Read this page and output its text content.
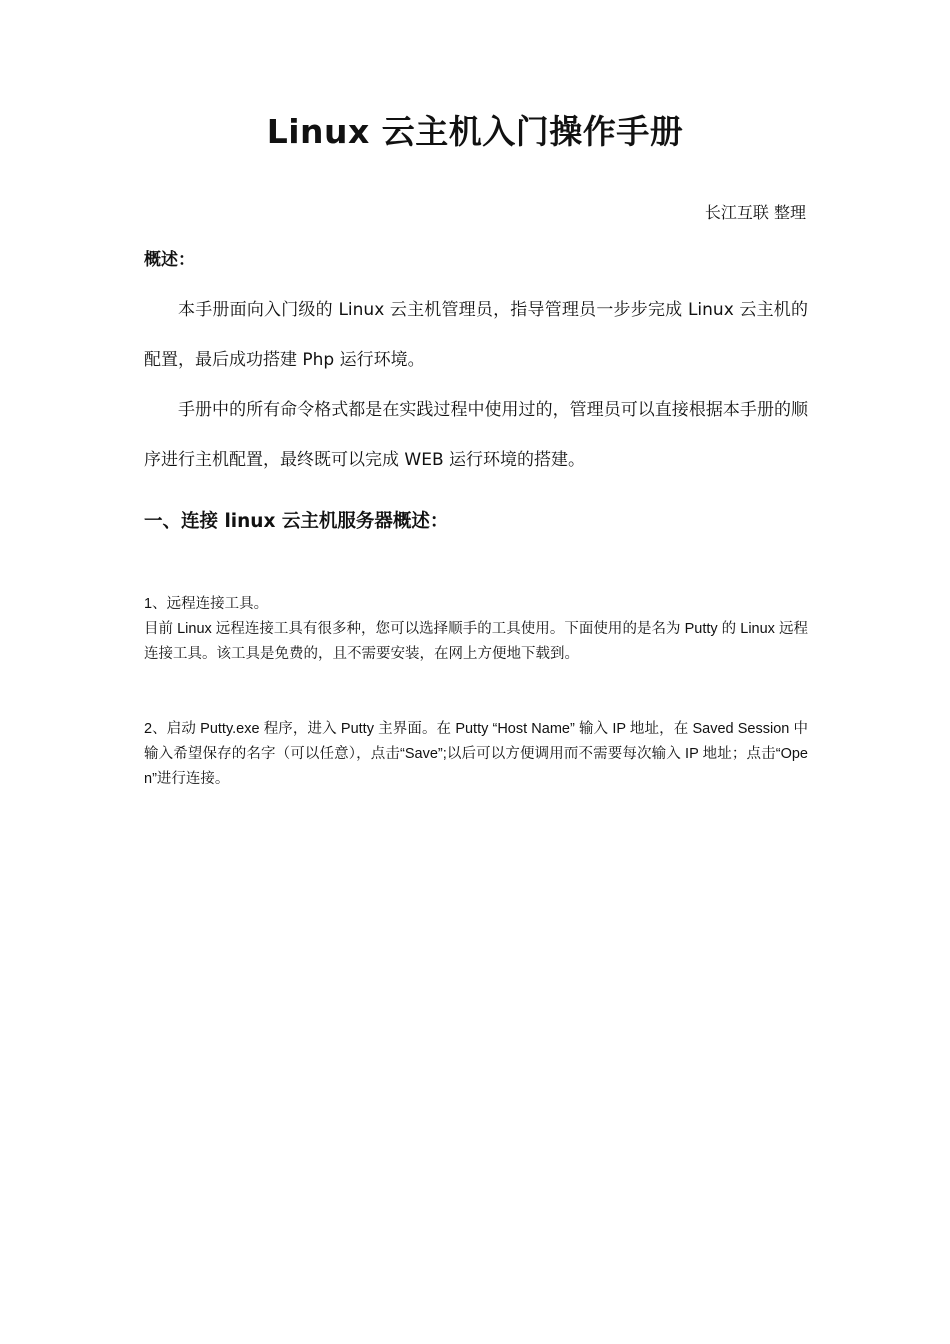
Linux 云主机入门操作手册
长江互联 整理
概述：

本手册面向入门级的 Linux 云主机管理员，指导管理员一步步完成 Linux 云主机的配置，最后成功搭建 Php 运行环境。

手册中的所有命令格式都是在实践过程中使用过的，管理员可以直接根据本手册的顺序进行主机配置，最终既可以完成 WEB 运行环境的搭建。

一、连接 linux 云主机服务器概述：
1、远程连接工具。
目前 Linux 远程连接工具有很多种，您可以选择顺手的工具使用。下面使用的是名为 Putty 的 Linux 远程连接工具。该工具是免费的，且不需要安装，在网上方便地下载到。

2、启动 Putty.exe 程序，进入 Putty 主界面。在 Putty “Host Name” 输入 IP 地址，在 Saved Session 中输入希望保存的名字（可以任意），点击“Save”;以后可以方便调用而不需要每次输入 IP 地址；点击“Open”进行连接。
